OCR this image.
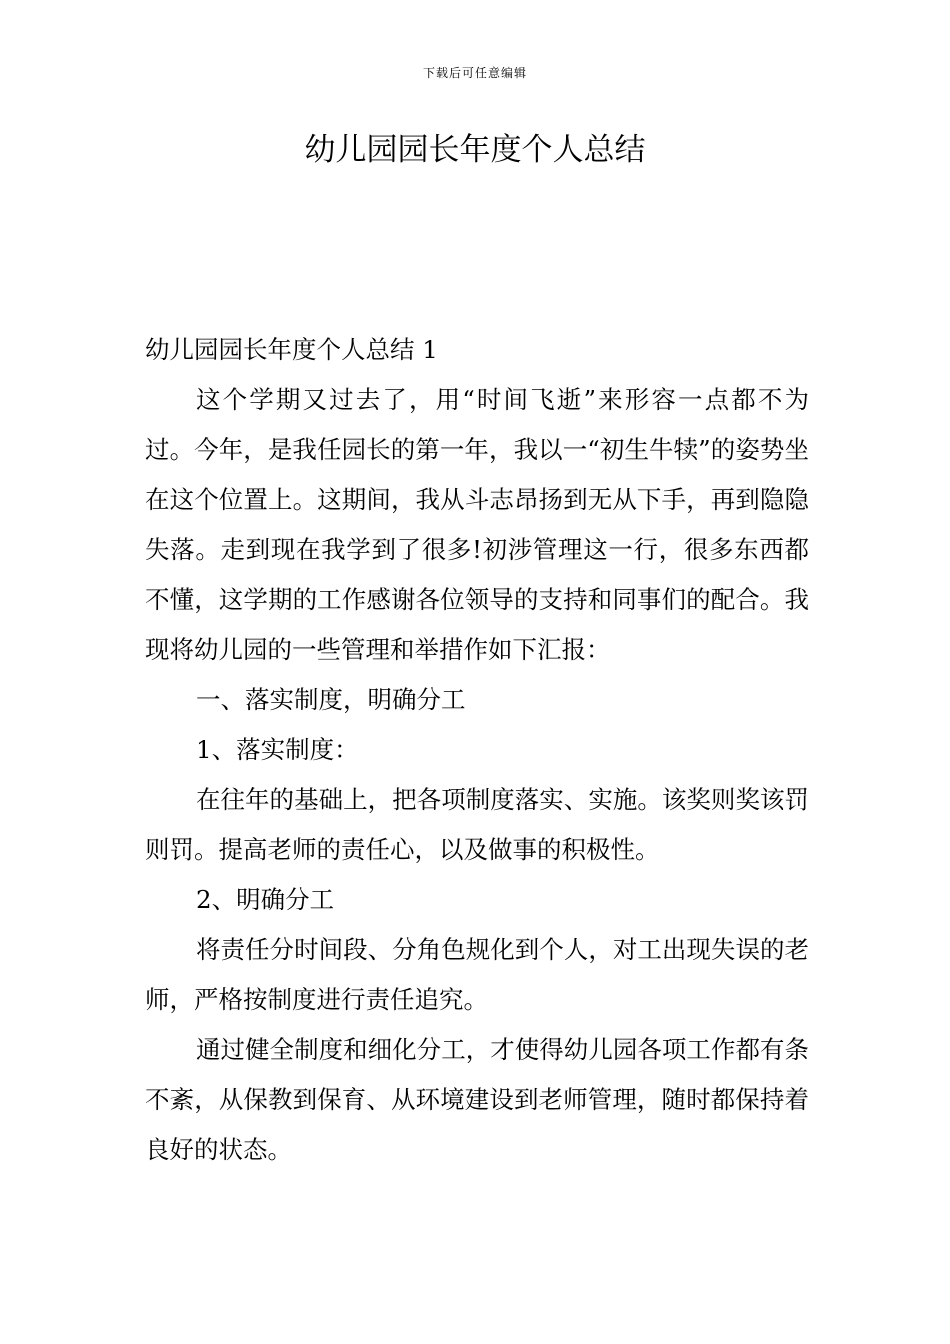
下载后可任意编辑
幼儿园园长年度个人总结

幼儿园园长年度个人总结 1

这个学期又过去了，用“时间飞逝”来形容一点都不为过。今年，是我任园长的第一年，我以一“初生牛犊”的姿势坐在这个位置上。这期间，我从斗志昂扬到无从下手，再到隐隐失落。走到现在我学到了很多!初涉管理这一行，很多东西都不懂，这学期的工作感谢各位领导的支持和同事们的配合。我现将幼儿园的一些管理和举措作如下汇报：

一、落实制度，明确分工

1、落实制度：

在往年的基础上，把各项制度落实、实施。该奖则奖该罚则罚。提高老师的责任心，以及做事的积极性。

2、明确分工

将责任分时间段、分角色规化到个人，对工出现失误的老师，严格按制度进行责任追究。

通过健全制度和细化分工，才使得幼儿园各项工作都有条不紊，从保教到保育、从环境建设到老师管理，随时都保持着良好的状态。
